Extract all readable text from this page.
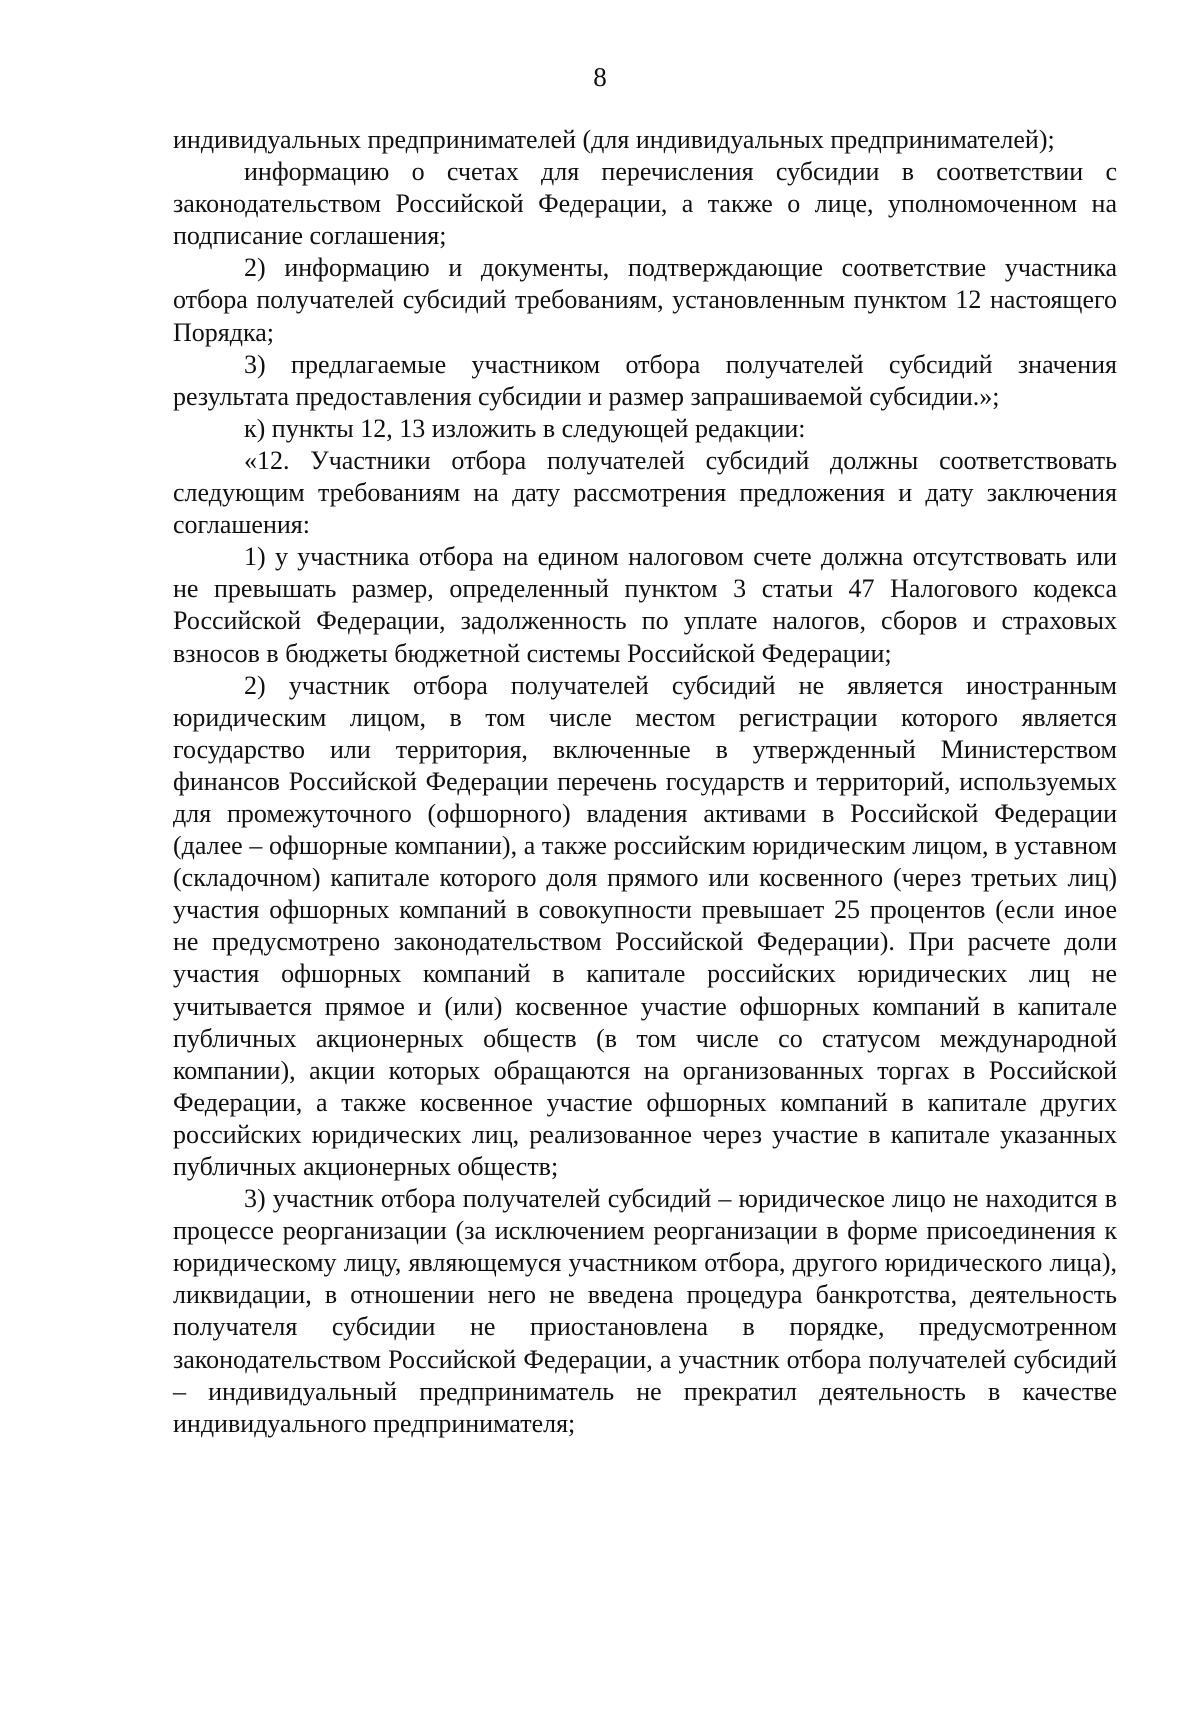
8

индивидуальных предпринимателей (для индивидуальных предпринимателей);

информацию о счетах для перечисления субсидии в соответствии с законодательством Российской Федерации, а также о лице, уполномоченном на подписание соглашения;

2) информацию и документы, подтверждающие соответствие участника отбора получателей субсидий требованиям, установленным пунктом 12 настоящего Порядка;

3) предлагаемые участником отбора получателей субсидий значения результата предоставления субсидии и размер запрашиваемой субсидии.»;

к) пункты 12, 13 изложить в следующей редакции:

«12. Участники отбора получателей субсидий должны соответствовать следующим требованиям на дату рассмотрения предложения и дату заключения соглашения:

1) у участника отбора на едином налоговом счете должна отсутствовать или не превышать размер, определенный пунктом 3 статьи 47 Налогового кодекса Российской Федерации, задолженность по уплате налогов, сборов и страховых взносов в бюджеты бюджетной системы Российской Федерации;

2) участник отбора получателей субсидий не является иностранным юридическим лицом, в том числе местом регистрации которого является государство или территория, включенные в утвержденный Министерством финансов Российской Федерации перечень государств и территорий, используемых для промежуточного (офшорного) владения активами в Российской Федерации (далее – офшорные компании), а также российским юридическим лицом, в уставном (складочном) капитале которого доля прямого или косвенного (через третьих лиц) участия офшорных компаний в совокупности превышает 25 процентов (если иное не предусмотрено законодательством Российской Федерации). При расчете доли участия офшорных компаний в капитале российских юридических лиц не учитывается прямое и (или) косвенное участие офшорных компаний в капитале публичных акционерных обществ (в том числе со статусом международной компании), акции которых обращаются на организованных торгах в Российской Федерации, а также косвенное участие офшорных компаний в капитале других российских юридических лиц, реализованное через участие в капитале указанных публичных акционерных обществ;

3) участник отбора получателей субсидий – юридическое лицо не находится в процессе реорганизации (за исключением реорганизации в форме присоединения к юридическому лицу, являющемуся участником отбора, другого юридического лица), ликвидации, в отношении него не введена процедура банкротства, деятельность получателя субсидии не приостановлена в порядке, предусмотренном законодательством Российской Федерации, а участник отбора получателей субсидий – индивидуальный предприниматель не прекратил деятельность в качестве индивидуального предпринимателя;
